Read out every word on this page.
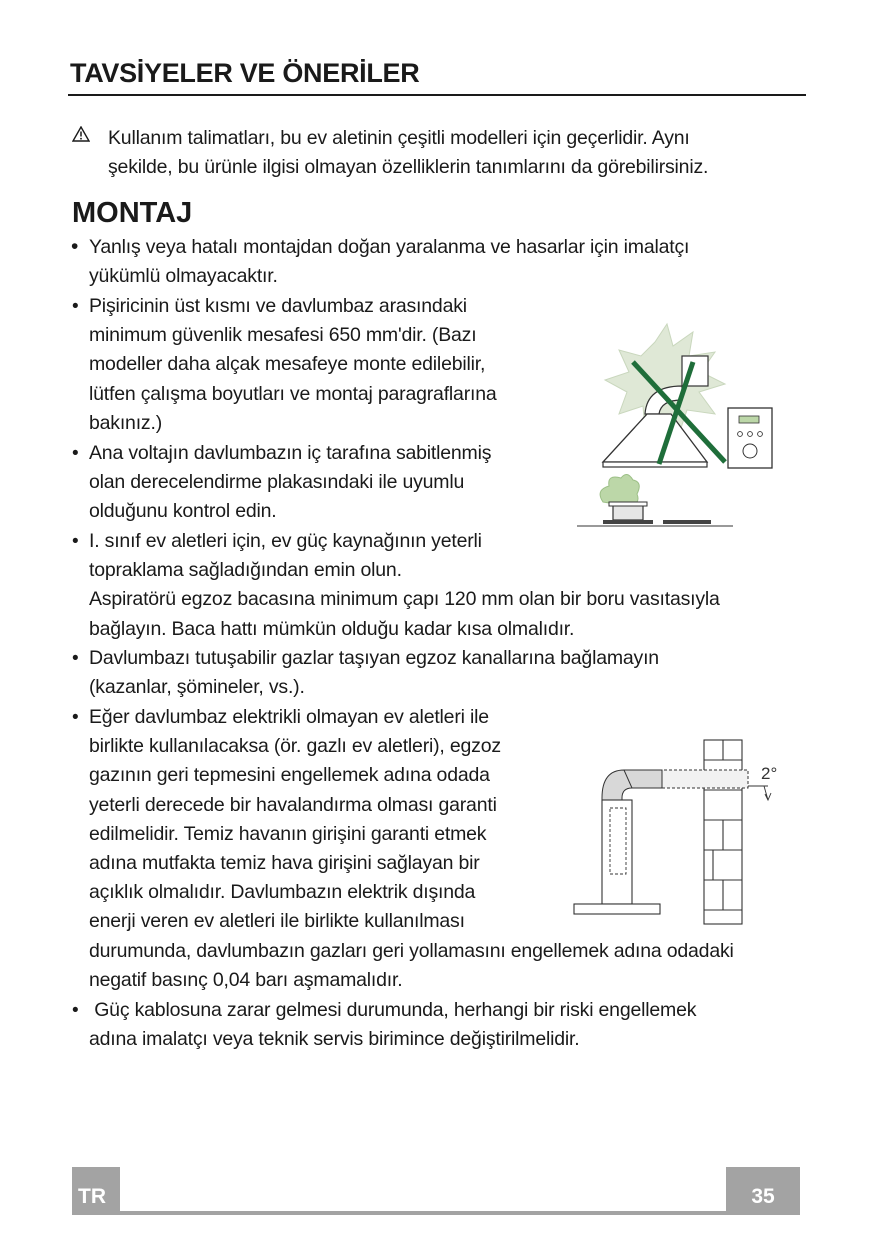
TAVSİYELER VE ÖNERİLER
Kullanım talimatları, bu ev aletinin çeşitli modelleri için geçerlidir. Aynı
şekilde, bu ürünle ilgisi olmayan özelliklerin tanımlarını da görebilirsiniz.
MONTAJ
• Yanlış veya hatalı montajdan doğan yaralanma ve hasarlar için imalatçı
yükümlü olmayacaktır.
• Pişiricinin üst kısmı ve davlumbaz arasındaki
minimum güvenlik mesafesi 650 mm'dir. (Bazı
modeller daha alçak mesafeye monte edilebilir,
lütfen çalışma boyutları ve montaj paragraflarına
bakınız.)
• Ana voltajın davlumbazın iç tarafına sabitlenmiş
olan derecelendirme plakasındaki ile uyumlu
olduğunu kontrol edin.
• I. sınıf ev aletleri için, ev güç kaynağının yeterli
topraklama sağladığından emin olun.
Aspiratörü egzoz bacasına minimum çapı 120 mm olan bir boru vasıtasıyla
bağlayın. Baca hattı mümkün olduğu kadar kısa olmalıdır.
• Davlumbazı tutuşabilir gazlar taşıyan egzoz kanallarına bağlamayın
(kazanlar, şömineler, vs.).
• Eğer davlumbaz elektrikli olmayan ev aletleri ile
birlikte kullanılacaksa (ör. gazlı ev aletleri), egzoz
gazının geri tepmesini engellemek adına odada
yeterli derecede bir havalandırma olması garanti
edilmelidir. Temiz havanın girişini garanti etmek
adına mutfakta temiz hava girişini sağlayan bir
açıklık olmalıdır. Davlumbazın elektrik dışında
enerji veren ev aletleri ile birlikte kullanılması
durumunda, davlumbazın gazları geri yollamasını engellemek adına odadaki
negatif basınç 0,04 barı aşmamalıdır.
• Güç kablosuna zarar gelmesi durumunda, herhangi bir riski engellemek
adına imalatçı veya teknik servis birimince değiştirilmelidir.
2°
TR	35
